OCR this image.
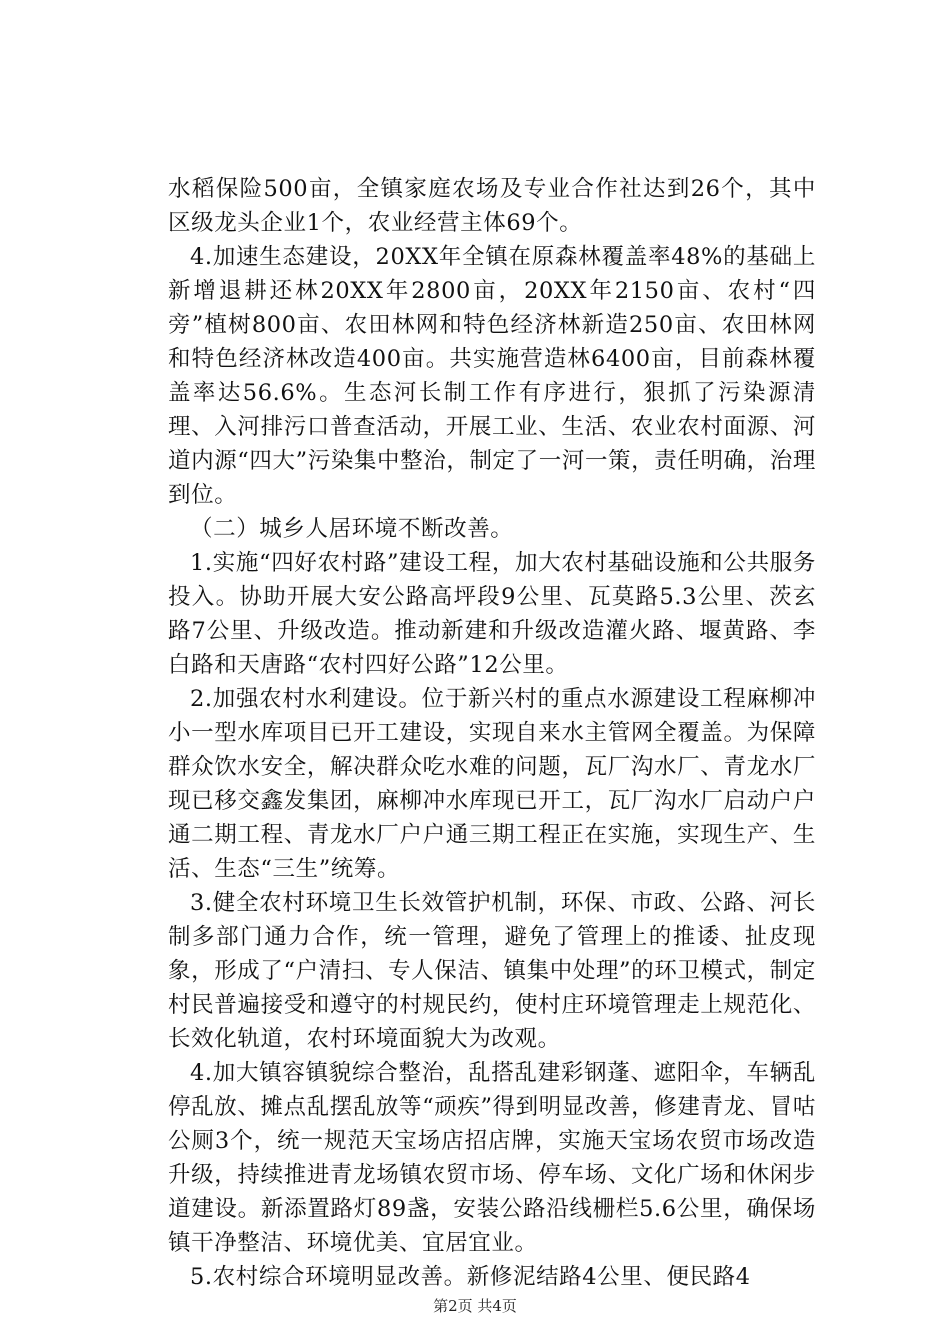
水稻保险500亩，全镇家庭农场及专业合作社达到26个，其中区级龙头企业1个，农业经营主体69个。

4.加速生态建设，20XX年全镇在原森林覆盖率48%的基础上新增退耕还林20XX年2800亩，20XX年2150亩、农村“四旁”植树800亩、农田林网和特色经济林新造250亩、农田林网和特色经济林改造400亩。共实施营造林6400亩，目前森林覆盖率达56.6%。生态河长制工作有序进行，狠抓了污染源清理、入河排污口普查活动，开展工业、生活、农业农村面源、河道内源“四大”污染集中整治，制定了一河一策，责任明确，治理到位。

（二）城乡人居环境不断改善。

1.实施“四好农村路”建设工程，加大农村基础设施和公共服务投入。协助开展大安公路高坪段9公里、瓦莫路5.3公里、茨玄路7公里、升级改造。推动新建和升级改造灌火路、堰黄路、李白路和天唐路“农村四好公路”12公里。

2.加强农村水利建设。位于新兴村的重点水源建设工程麻柳冲小一型水库项目已开工建设，实现自来水主管网全覆盖。为保障群众饮水安全，解决群众吃水难的问题，瓦厂沟水厂、青龙水厂现已移交鑫发集团，麻柳冲水库现已开工，瓦厂沟水厂启动户户通二期工程、青龙水厂户户通三期工程正在实施，实现生产、生活、生态“三生”统筹。

3.健全农村环境卫生长效管护机制，环保、市政、公路、河长制多部门通力合作，统一管理，避免了管理上的推诿、扯皮现象，形成了“户清扫、专人保洁、镇集中处理”的环卫模式，制定村民普遍接受和遵守的村规民约，使村庄环境管理走上规范化、长效化轨道，农村环境面貌大为改观。

4.加大镇容镇貌综合整治，乱搭乱建彩钢蓬、遮阳伞，车辆乱停乱放、摊点乱摆乱放等“顽疾”得到明显改善，修建青龙、冒咕公厕3个，统一规范天宝场店招店牌，实施天宝场农贸市场改造升级，持续推进青龙场镇农贸市场、停车场、文化广场和休闲步道建设。新添置路灯89盏，安装公路沿线栅栏5.6公里，确保场镇干净整洁、环境优美、宜居宜业。

5.农村综合环境明显改善。新修泥结路4公里、便民路4

第2页 共4页
